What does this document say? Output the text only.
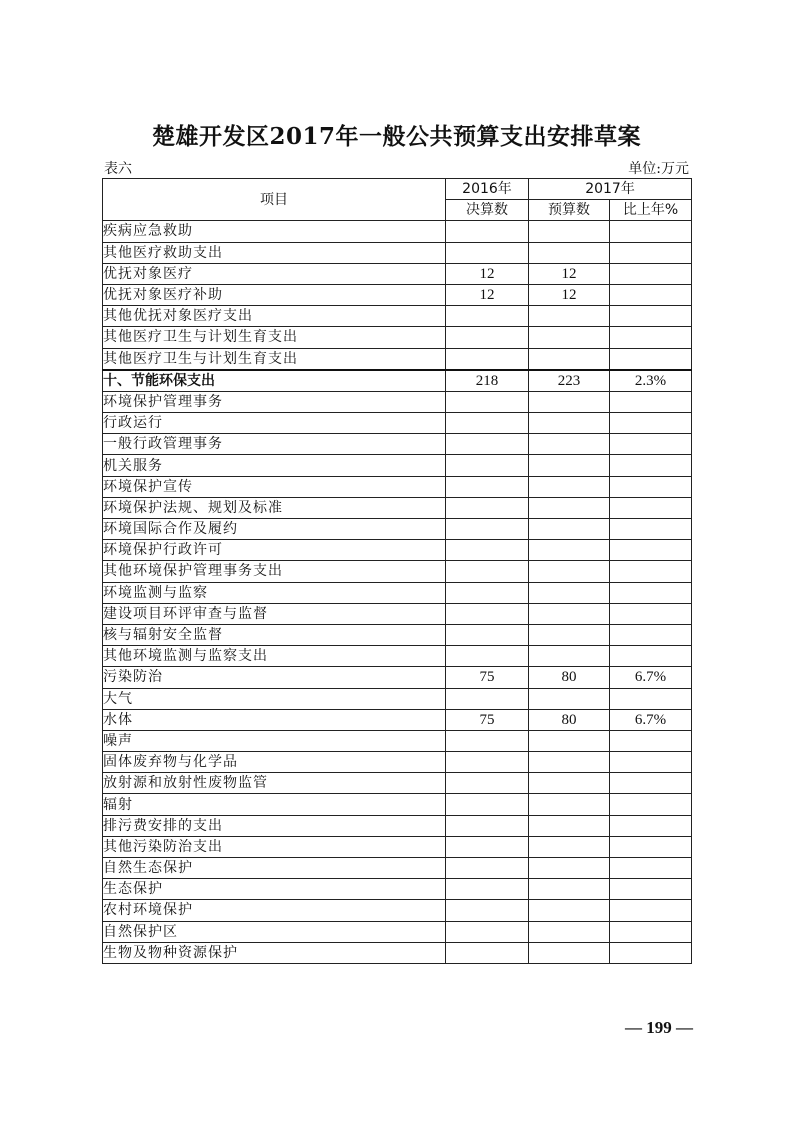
楚雄开发区2017年一般公共预算支出安排草案
表六	单位:万元
项目	2016年	2017年	
	决算数	预算数	比上年%
疾病应急救助			
其他医疗救助支出			
优抚对象医疗	12	12	
优抚对象医疗补助	12	12	
其他优抚对象医疗支出			
其他医疗卫生与计划生育支出			
其他医疗卫生与计划生育支出			
十、节能环保支出	218	223	2.3%
环境保护管理事务			
行政运行			
一般行政管理事务			
机关服务			
环境保护宣传			
环境保护法规、规划及标准			
环境国际合作及履约			
环境保护行政许可			
其他环境保护管理事务支出			
环境监测与监察			
建设项目环评审查与监督			
核与辐射安全监督			
其他环境监测与监察支出			
污染防治	75	80	6.7%
大气			
水体	75	80	6.7%
噪声			
固体废弃物与化学品			
放射源和放射性废物监管			
辐射			
排污费安排的支出			
其他污染防治支出			
自然生态保护			
生态保护			
农村环境保护			
自然保护区			
生物及物种资源保护			
— 199 —
